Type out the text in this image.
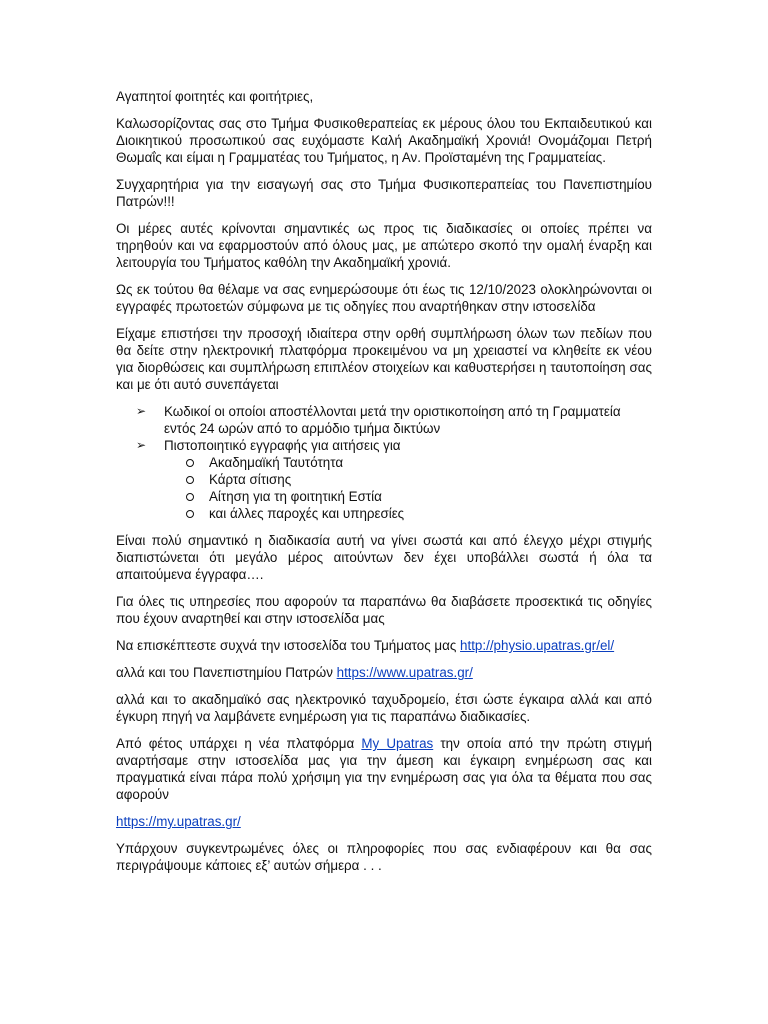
Αγαπητοί φοιτητές και φοιτήτριες,

Καλωσορίζοντας σας στο Τμήμα Φυσικοθεραπείας εκ μέρους όλου του Εκπαιδευτικού και Διοικητικού προσωπικού σας ευχόμαστε Καλή Ακαδημαϊκή Χρονιά! Ονομάζομαι Πετρή Θωμαΐς και είμαι η Γραμματέας του Τμήματος, η Αν. Προϊσταμένη της Γραμματείας.

Συγχαρητήρια για την εισαγωγή σας στο Τμήμα Φυσικοπεραπείας του Πανεπιστημίου Πατρών!!!

Οι μέρες αυτές κρίνονται σημαντικές ως προς τις διαδικασίες οι οποίες πρέπει να τηρηθούν και να εφαρμοστούν από όλους μας, με απώτερο σκοπό την ομαλή έναρξη και λειτουργία του Τμήματος καθόλη την Ακαδημαϊκή χρονιά.

Ως εκ τούτου θα θέλαμε να σας ενημερώσουμε ότι έως τις 12/10/2023 ολοκληρώνονται οι εγγραφές πρωτοετών σύμφωνα με τις οδηγίες που αναρτήθηκαν στην ιστοσελίδα

Είχαμε επιστήσει την προσοχή ιδιαίτερα στην ορθή συμπλήρωση όλων των πεδίων που θα δείτε στην ηλεκτρονική πλατφόρμα προκειμένου να μη χρειαστεί να κληθείτε εκ νέου για διορθώσεις και συμπλήρωση επιπλέον στοιχείων και καθυστερήσει η ταυτοποίηση σας και με ότι αυτό συνεπάγεται

➢ Κωδικοί οι οποίοι αποστέλλονται μετά την οριστικοποίηση από τη Γραμματεία εντός 24 ωρών από το αρμόδιο τμήμα δικτύων
➢ Πιστοποιητικό εγγραφής για αιτήσεις για
Ακαδημαϊκή Ταυτότητα
Κάρτα σίτισης
Αίτηση για τη φοιτητική Εστία
και άλλες παροχές και υπηρεσίες

Είναι πολύ σημαντικό η διαδικασία αυτή να γίνει σωστά και από έλεγχο μέχρι στιγμής διαπιστώνεται ότι μεγάλο μέρος αιτούντων δεν έχει υποβάλλει σωστά ή όλα τα απαιτούμενα έγγραφα….

Για όλες τις υπηρεσίες που αφορούν τα παραπάνω θα διαβάσετε προσεκτικά τις οδηγίες που έχουν αναρτηθεί και στην ιστοσελίδα μας

Να επισκέπτεστε συχνά την ιστοσελίδα του Τμήματος μας http://physio.upatras.gr/el/

αλλά και του Πανεπιστημίου Πατρών https://www.upatras.gr/

αλλά και το ακαδημαϊκό σας ηλεκτρονικό ταχυδρομείο, έτσι ώστε έγκαιρα αλλά και από έγκυρη πηγή να λαμβάνετε ενημέρωση για τις παραπάνω διαδικασίες.

Από φέτος υπάρχει η νέα πλατφόρμα My Upatras την οποία από την πρώτη στιγμή αναρτήσαμε στην ιστοσελίδα μας για την άμεση και έγκαιρη ενημέρωση σας και πραγματικά είναι πάρα πολύ χρήσιμη για την ενημέρωση σας για όλα τα θέματα που σας αφορούν

https://my.upatras.gr/

Υπάρχουν συγκεντρωμένες όλες οι πληροφορίες που σας ενδιαφέρουν και θα σας περιγράψουμε κάποιες εξ’ αυτών σήμερα . . .
